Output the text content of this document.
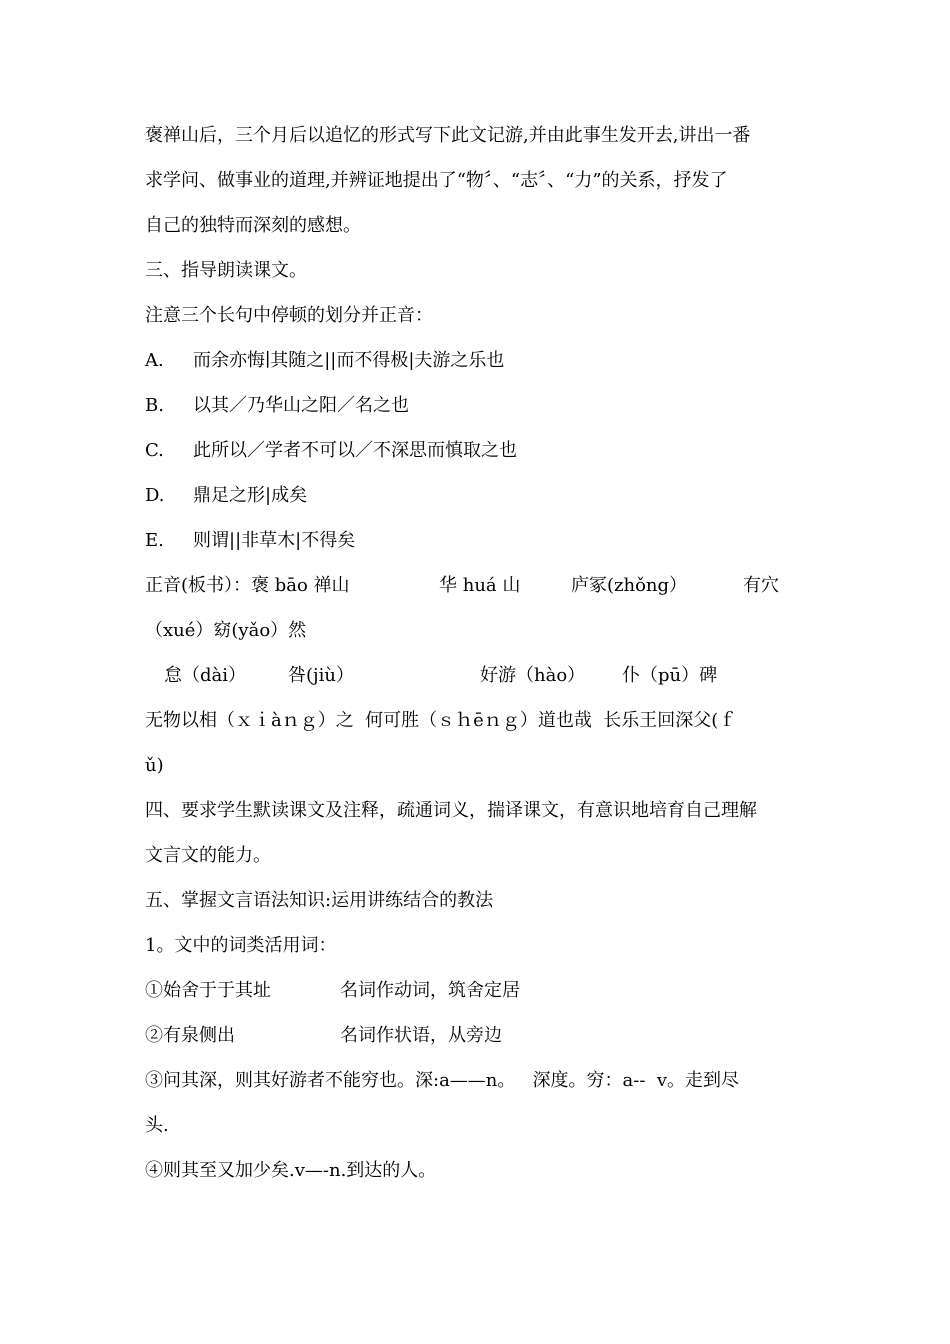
褒禅山后，三个月后以追忆的形式写下此文记游,并由此事生发开去,讲出一番
求学问、做事业的道理,并辨证地提出了“物〞、“志〞、“力”的关系，抒发了
自己的独特而深刻的感想。
三、指导朗读课文。
注意三个长句中停顿的划分并正音：

A.

而余亦悔∣其随之||而不得极|夫游之乐也

B.

以其／乃华山之阳／名之也

C.

此所以／学者不可以／不深思而慎取之也

D.

鼎足之形|成矣

E.

则谓||非草木|不得矣

正音(板书）：褒 bāo 禅山

	华 huá 山

	庐冢(zhǒng）

	有穴

（xué）窈(yǎo）然

怠（dài）

咎(jiù）

	好游（hào）

仆（pū）碑

无物以相（ｘｉàｎｇ）之  何可胜（ｓｈēｎｇ）道也哉  长乐王回深父(ｆ
ǔ)
四、要求学生默读课文及注释，疏通词义，揣译课文，有意识地培育自己理解
文言文的能力。
五、掌握文言语法知识:运用讲练结合的教法
1。文中的词类活用词：

①始舍于于其址

	名词作动词，筑舍定居

②有泉侧出

	名词作状语，从旁边

③问其深，则其好游者不能穷也。深:a——n。   深度。穷：a--  v。走到尽
头.
④则其至又加少矣.v—-n.到达的人。
